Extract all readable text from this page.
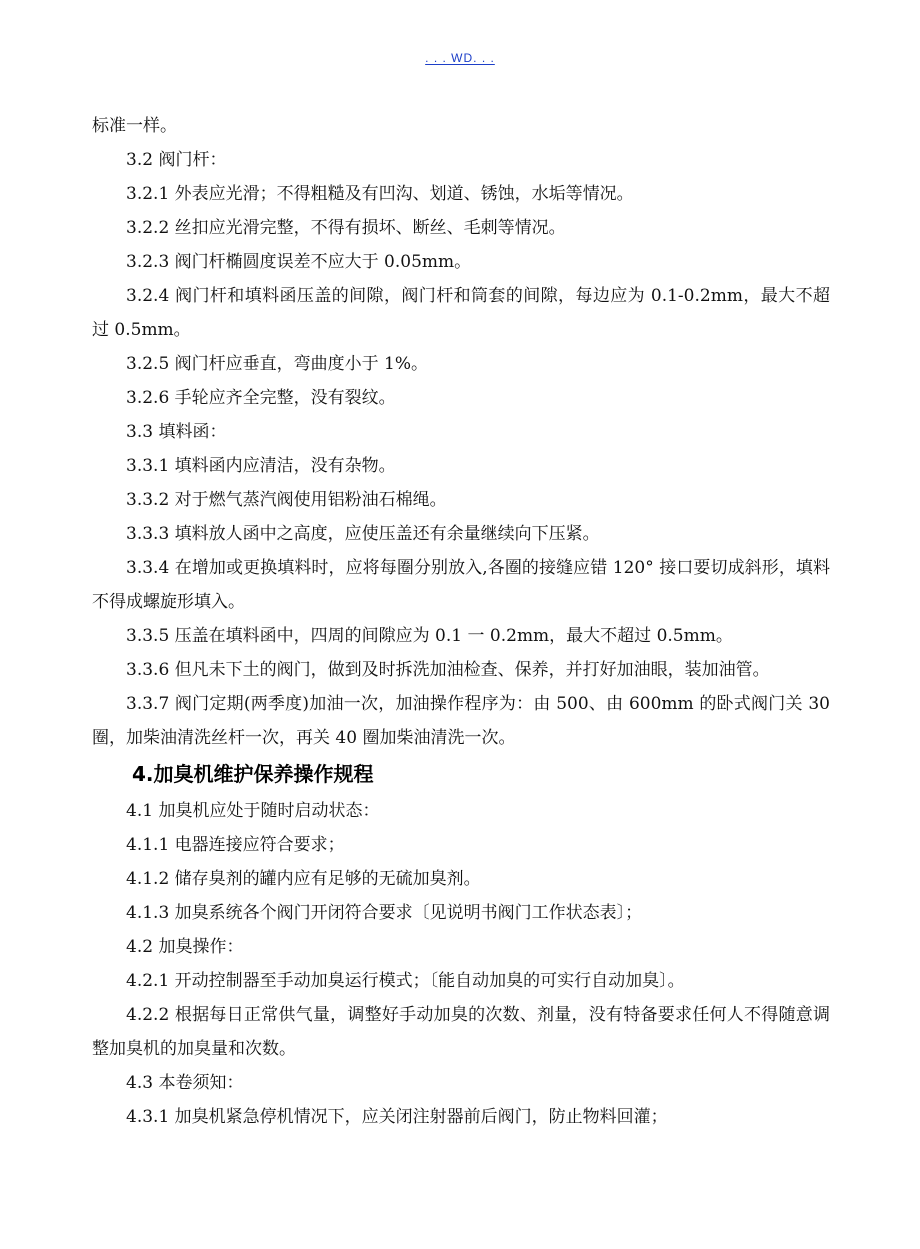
. . . WD. . .

标准一样。

3.2 阀门杆：

3.2.1 外表应光滑；不得粗糙及有凹沟、划道、锈蚀，水垢等情况。

3.2.2 丝扣应光滑完整，不得有损坏、断丝、毛刺等情况。

3.2.3 阀门杆椭圆度误差不应大于 0.05mm。

3.2.4 阀门杆和填料函压盖的间隙，阀门杆和筒套的间隙，每边应为 0.1-0.2mm，最大不超过 0.5mm。

3.2.5 阀门杆应垂直，弯曲度小于 1%。

3.2.6 手轮应齐全完整，没有裂纹。

3.3 填料函：

3.3.1 填料函内应清洁，没有杂物。

3.3.2 对于燃气蒸汽阀使用铝粉油石棉绳。

3.3.3 填料放人函中之高度，应使压盖还有余量继续向下压紧。

3.3.4 在增加或更换填料时，应将每圈分别放入,各圈的接缝应错 120° 接口要切成斜形，填料不得成螺旋形填入。

3.3.5 压盖在填料函中，四周的间隙应为 0.1 一 0.2mm，最大不超过 0.5mm。

3.3.6 但凡未下土的阀门，做到及时拆洗加油检查、保养，并打好加油眼，装加油管。

3.3.7 阀门定期(两季度)加油一次，加油操作程序为：由 500、由 600mm 的卧式阀门关 30 圈，加柴油清洗丝杆一次，再关 40 圈加柴油清洗一次。

4.加臭机维护保养操作规程

4.1 加臭机应处于随时启动状态：

4.1.1 电器连接应符合要求；

4.1.2 储存臭剂的罐内应有足够的无硫加臭剂。

4.1.3 加臭系统各个阀门开闭符合要求〔见说明书阀门工作状态表〕；

4.2 加臭操作：

4.2.1 开动控制器至手动加臭运行模式；〔能自动加臭的可实行自动加臭〕。

4.2.2 根据每日正常供气量，调整好手动加臭的次数、剂量，没有特备要求任何人不得随意调整加臭机的加臭量和次数。

4.3 本卷须知：

4.3.1 加臭机紧急停机情况下，应关闭注射器前后阀门，防止物料回灌；
